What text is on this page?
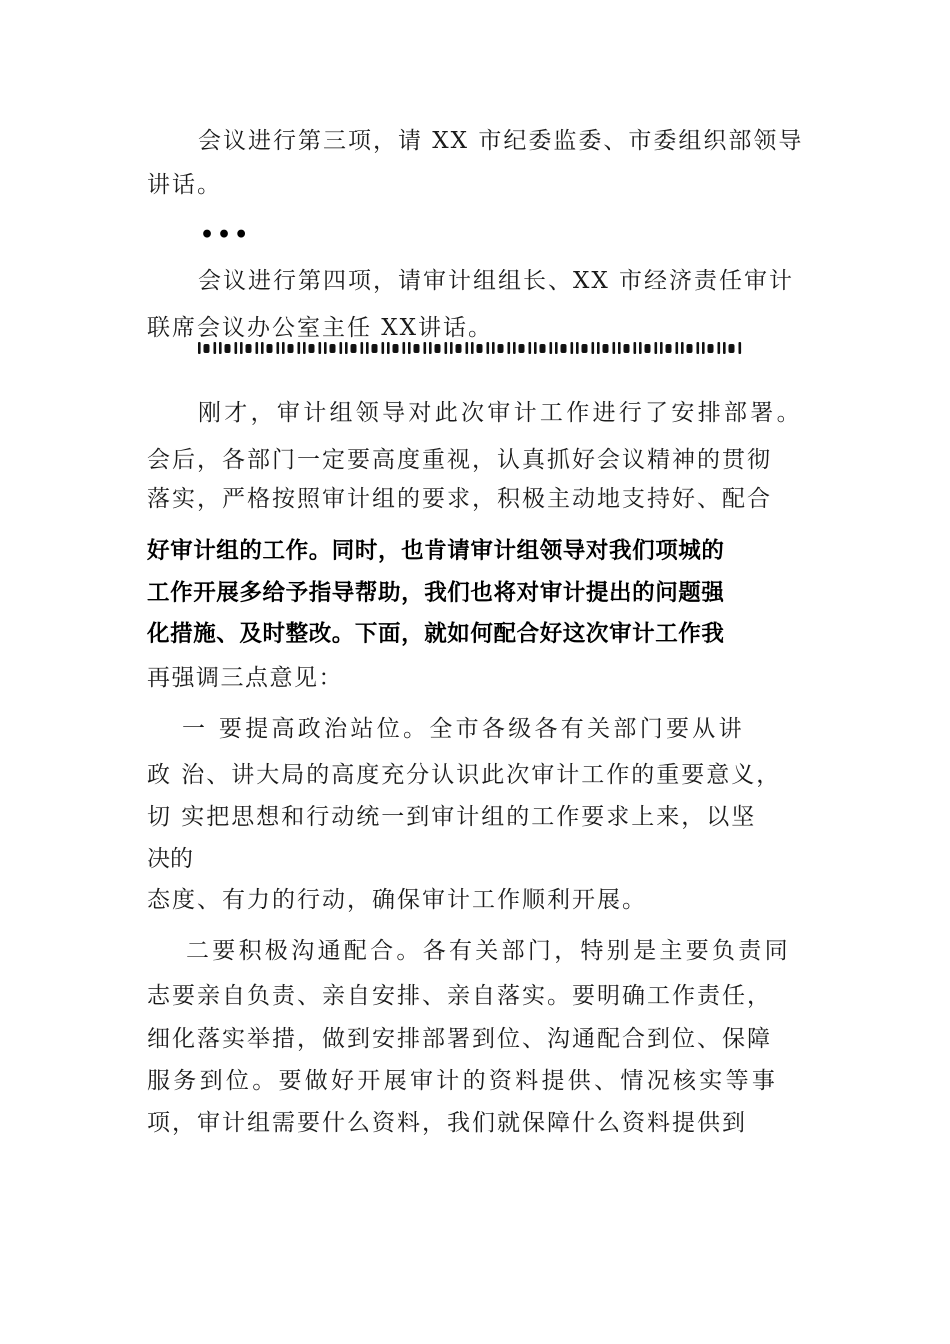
会议进行第三项，请 XX 市纪委监委、市委组织部领导
讲话。
•••
会议进行第四项，请审计组组长、XX 市经济责任审计
联席会议办公室主任 XX讲话。
刚才，审计组领导对此次审计工作进行了安排部署。
会后，各部门一定要高度重视，认真抓好会议精神的贯彻
落实，严格按照审计组的要求，积极主动地支持好、配合
好审计组的工作。同时，也肯请审计组领导对我们项城的
工作开展多给予指导帮助，我们也将对审计提出的问题强
化措施、及时整改。下面，就如何配合好这次审计工作我
再强调三点意见：
一 要提高政治站位。全市各级各有关部门要从讲
政 治、讲大局的高度充分认识此次审计工作的重要意义，
切 实把思想和行动统一到审计组的工作要求上来，以坚
决的
态度、有力的行动，确保审计工作顺利开展。
二要积极沟通配合。各有关部门，特别是主要负责同
志要亲自负责、亲自安排、亲自落实。要明确工作责任，
细化落实举措，做到安排部署到位、沟通配合到位、保障
服务到位。要做好开展审计的资料提供、情况核实等事
项，审计组需要什么资料，我们就保障什么资料提供到
